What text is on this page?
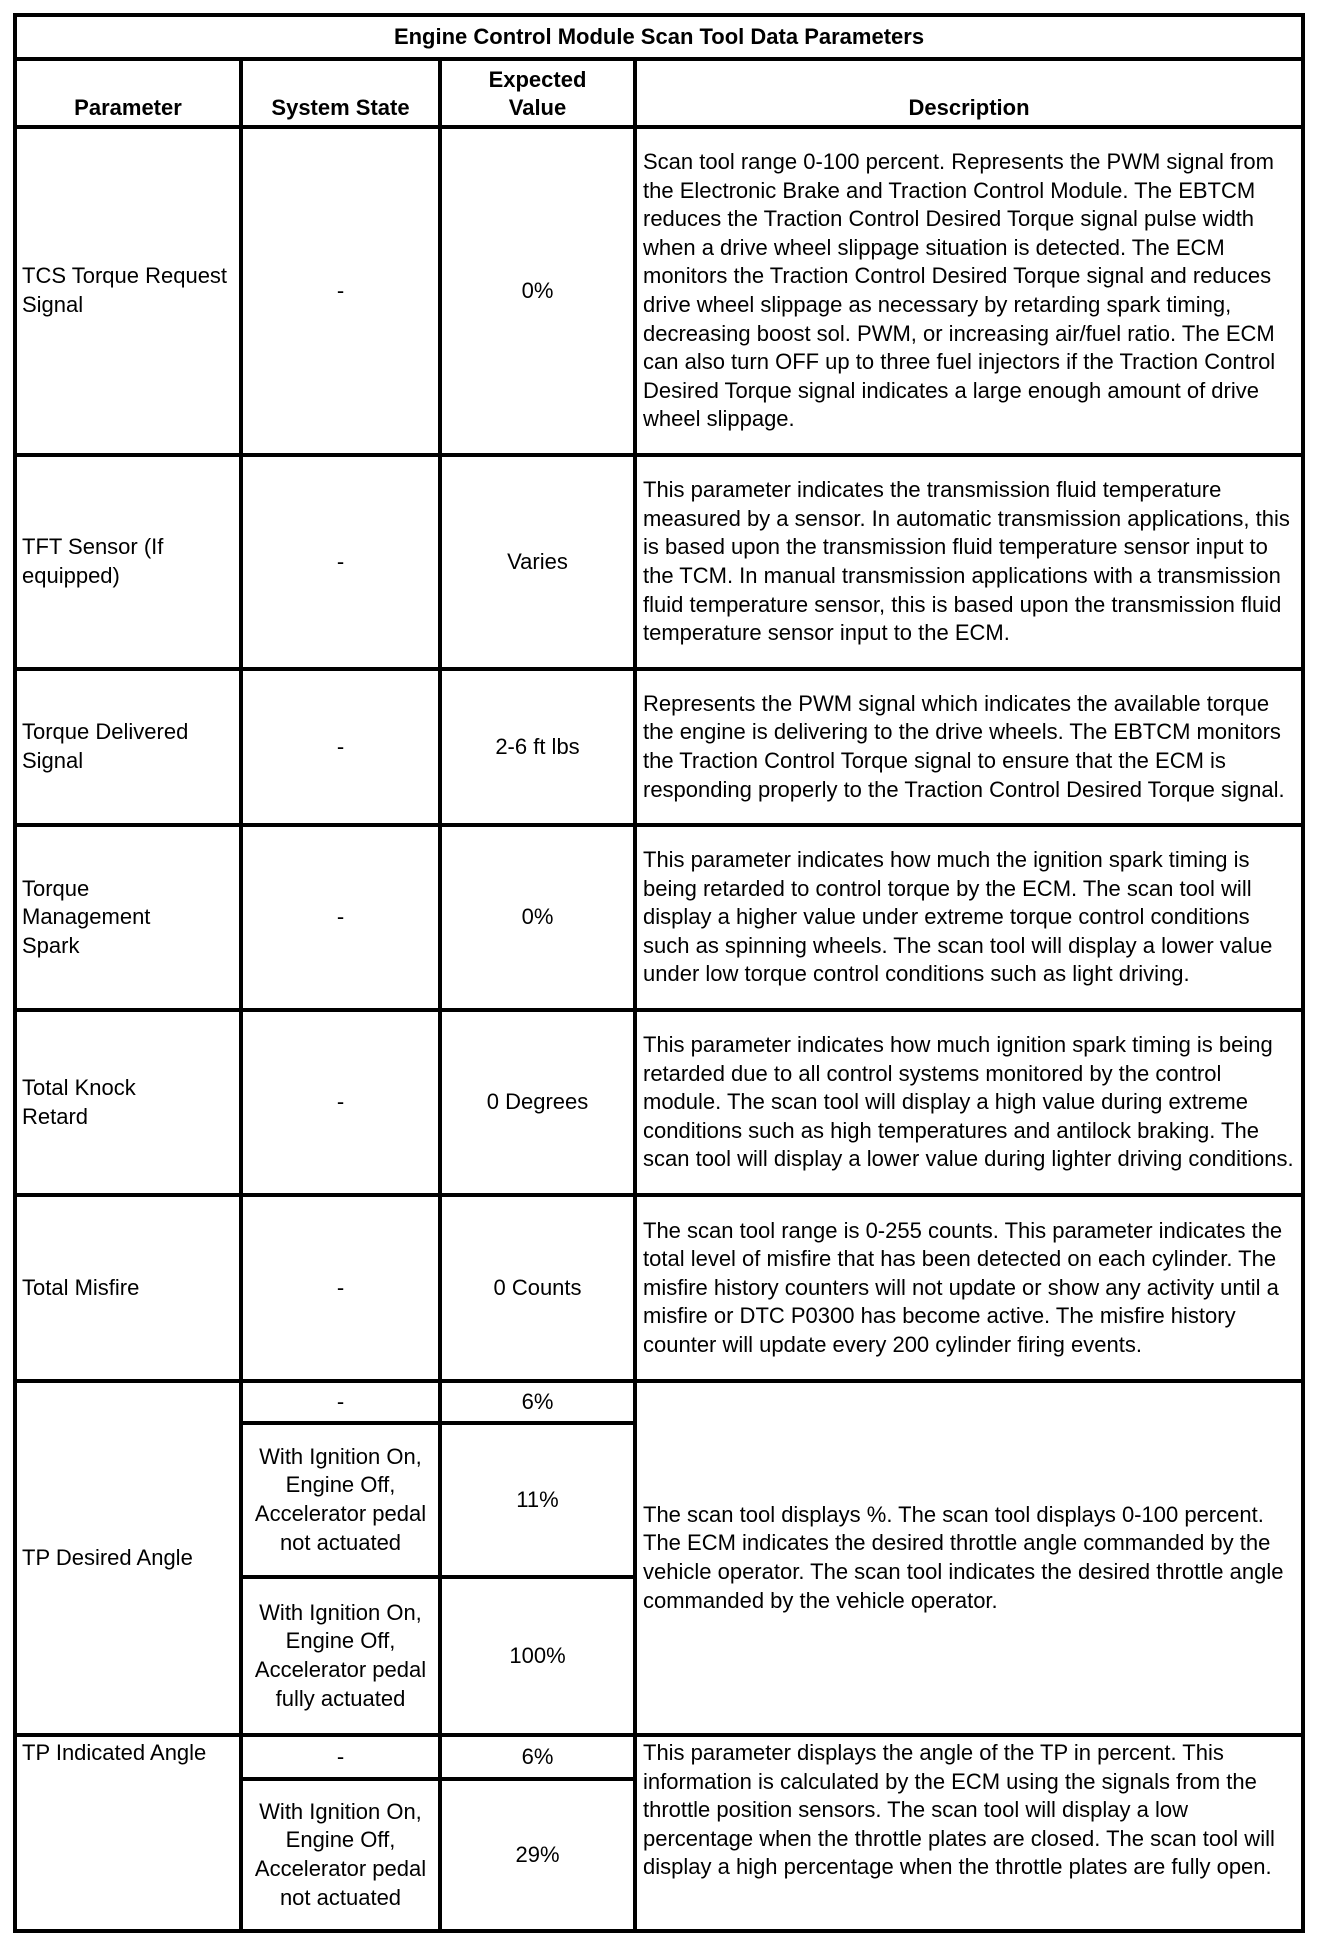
Engine Control Module Scan Tool Data Parameters			
Parameter	System State	Expected Value	Description
TCS Torque Request Signal	-	0%	Scan tool range 0-100 percent. Represents the PWM signal from the Electronic Brake and Traction Control Module. The EBTCM reduces the Traction Control Desired Torque signal pulse width when a drive wheel slippage situation is detected. The ECM monitors the Traction Control Desired Torque signal and reduces drive wheel slippage as necessary by retarding spark timing, decreasing boost sol. PWM, or increasing air/fuel ratio. The ECM can also turn OFF up to three fuel injectors if the Traction Control Desired Torque signal indicates a large enough amount of drive wheel slippage.
TFT Sensor (If equipped)	-	Varies	This parameter indicates the transmission fluid temperature measured by a sensor. In automatic transmission applications, this is based upon the transmission fluid temperature sensor input to the TCM. In manual transmission applications with a transmission fluid temperature sensor, this is based upon the transmission fluid temperature sensor input to the ECM.
Torque Delivered Signal	-	2-6 ft lbs	Represents the PWM signal which indicates the available torque the engine is delivering to the drive wheels. The EBTCM monitors the Traction Control Torque signal to ensure that the ECM is responding properly to the Traction Control Desired Torque signal.
Torque Management Spark	-	0%	This parameter indicates how much the ignition spark timing is being retarded to control torque by the ECM. The scan tool will display a higher value under extreme torque control conditions such as spinning wheels. The scan tool will display a lower value under low torque control conditions such as light driving.
Total Knock Retard	-	0 Degrees	This parameter indicates how much ignition spark timing is being retarded due to all control systems monitored by the control module. The scan tool will display a high value during extreme conditions such as high temperatures and antilock braking. The scan tool will display a lower value during lighter driving conditions.
Total Misfire	-	0 Counts	The scan tool range is 0-255 counts. This parameter indicates the total level of misfire that has been detected on each cylinder. The misfire history counters will not update or show any activity until a misfire or DTC P0300 has become active. The misfire history counter will update every 200 cylinder firing events.
TP Desired Angle	-	6%	The scan tool displays %. The scan tool displays 0-100 percent. The ECM indicates the desired throttle angle commanded by the vehicle operator. The scan tool indicates the desired throttle angle commanded by the vehicle operator.
	With Ignition On, Engine Off, Accelerator pedal not actuated	11%	
	With Ignition On, Engine Off, Accelerator pedal fully actuated	100%	
TP Indicated Angle	-	6%	This parameter displays the angle of the TP in percent. This information is calculated by the ECM using the signals from the throttle position sensors. The scan tool will display a low percentage when the throttle plates are closed. The scan tool will display a high percentage when the throttle plates are fully open.
	With Ignition On, Engine Off, Accelerator pedal not actuated	29%	
